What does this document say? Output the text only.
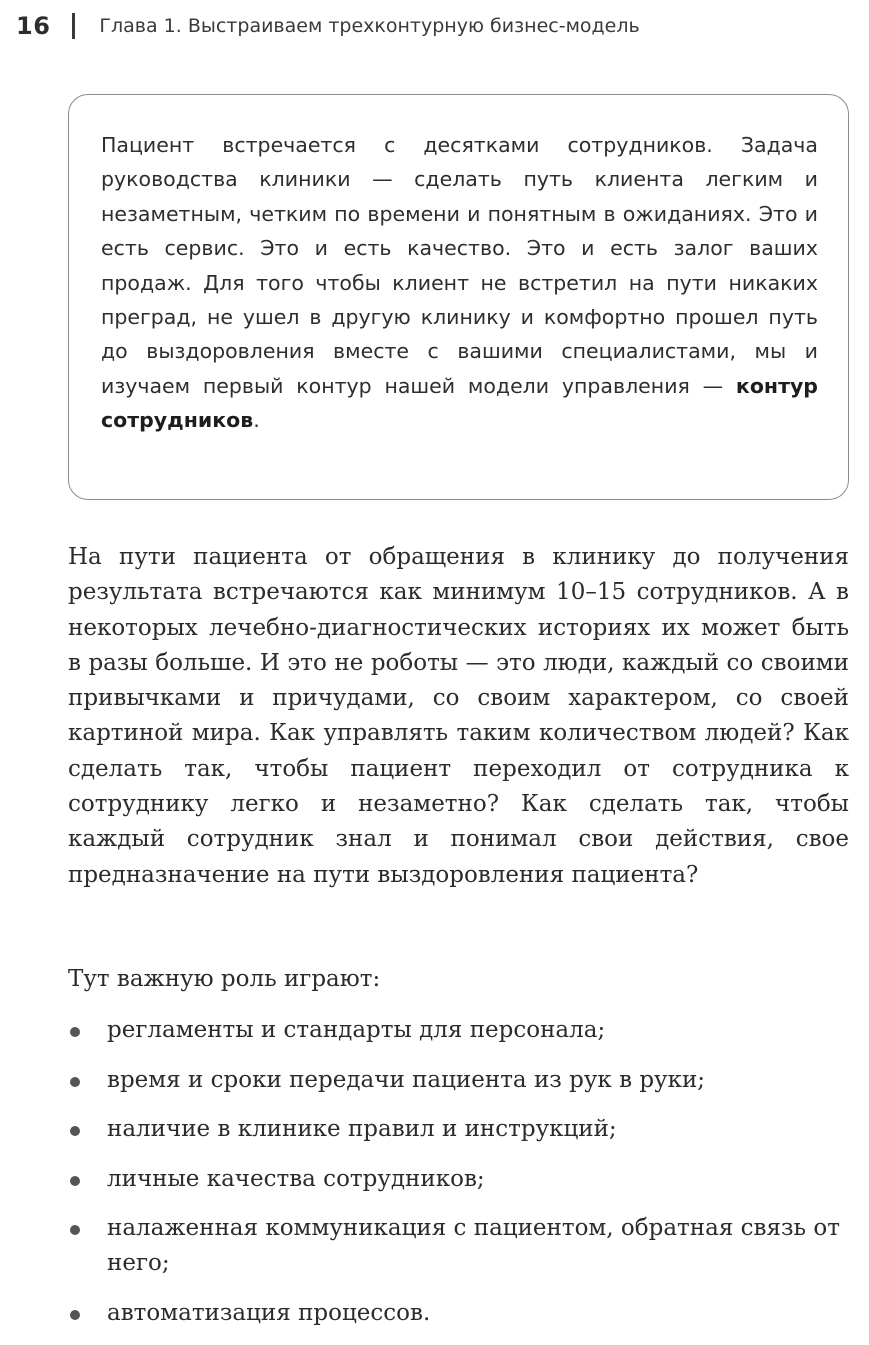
16	Глава 1. Выстраиваем трехконтурную бизнес-модель

Пациент встречается с десятками сотрудников. Задача руководства клиники — сделать путь клиента легким и незаметным, четким по времени и понятным в ожиданиях. Это и есть сервис. Это и есть качество. Это и есть залог ваших продаж. Для того чтобы клиент не встретил на пути никаких преград, не ушел в другую клинику и комфортно прошел путь до выздоровления вместе с вашими специалистами, мы и изучаем первый контур нашей модели управления — контур сотрудников.

На пути пациента от обращения в клинику до получения результата встречаются как минимум 10–15 сотрудников. А в некоторых лечебно-диагностических историях их может быть в разы больше. И это не роботы — это люди, каждый со своими привычками и причудами, со своим характером, со своей картиной мира. Как управлять таким количеством людей? Как сделать так, чтобы пациент переходил от сотрудника к сотруднику легко и незаметно? Как сделать так, чтобы каждый сотрудник знал и понимал свои действия, свое предназначение на пути выздоровления пациента?

Тут важную роль играют:

регламенты и стандарты для персонала;
время и сроки передачи пациента из рук в руки;
наличие в клинике правил и инструкций;
личные качества сотрудников;
налаженная коммуникация с пациентом, обратная связь от него;
автоматизация процессов.
